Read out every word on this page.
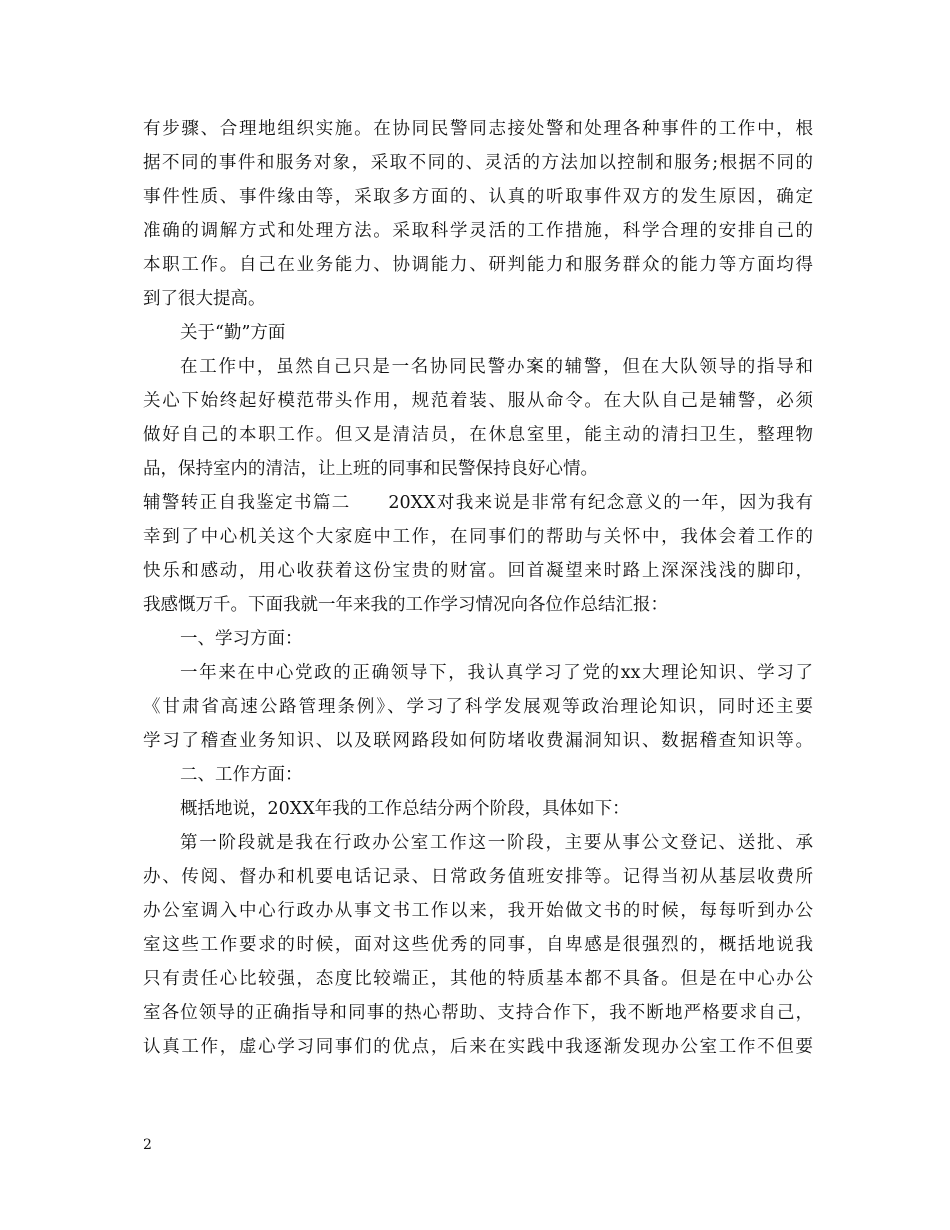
有步骤、合理地组织实施。在协同民警同志接处警和处理各种事件的工作中，根
据不同的事件和服务对象，采取不同的、灵活的方法加以控制和服务;根据不同的
事件性质、事件缘由等，采取多方面的、认真的听取事件双方的发生原因，确定
准确的调解方式和处理方法。采取科学灵活的工作措施，科学合理的安排自己的
本职工作。自己在业务能力、协调能力、研判能力和服务群众的能力等方面均得
到了很大提高。
关于“勤”方面
在工作中，虽然自己只是一名协同民警办案的辅警，但在大队领导的指导和
关心下始终起好模范带头作用，规范着装、服从命令。在大队自己是辅警，必须
做好自己的本职工作。但又是清洁员，在休息室里，能主动的清扫卫生，整理物
品，保持室内的清洁，让上班的同事和民警保持良好心情。
辅警转正自我鉴定书篇二　　20XX对我来说是非常有纪念意义的一年，因为我有
幸到了中心机关这个大家庭中工作，在同事们的帮助与关怀中，我体会着工作的
快乐和感动，用心收获着这份宝贵的财富。回首凝望来时路上深深浅浅的脚印，
我感慨万千。下面我就一年来我的工作学习情况向各位作总结汇报：
一、学习方面：
一年来在中心党政的正确领导下，我认真学习了党的xx大理论知识、学习了
《甘肃省高速公路管理条例》、学习了科学发展观等政治理论知识，同时还主要
学习了稽查业务知识、以及联网路段如何防堵收费漏洞知识、数据稽查知识等。
二、工作方面：
概括地说，20XX年我的工作总结分两个阶段，具体如下：
第一阶段就是我在行政办公室工作这一阶段，主要从事公文登记、送批、承
办、传阅、督办和机要电话记录、日常政务值班安排等。记得当初从基层收费所
办公室调入中心行政办从事文书工作以来，我开始做文书的时候，每每听到办公
室这些工作要求的时候，面对这些优秀的同事，自卑感是很强烈的，概括地说我
只有责任心比较强，态度比较端正，其他的特质基本都不具备。但是在中心办公
室各位领导的正确指导和同事的热心帮助、支持合作下，我不断地严格要求自己，
认真工作，虚心学习同事们的优点，后来在实践中我逐渐发现办公室工作不但要
2
